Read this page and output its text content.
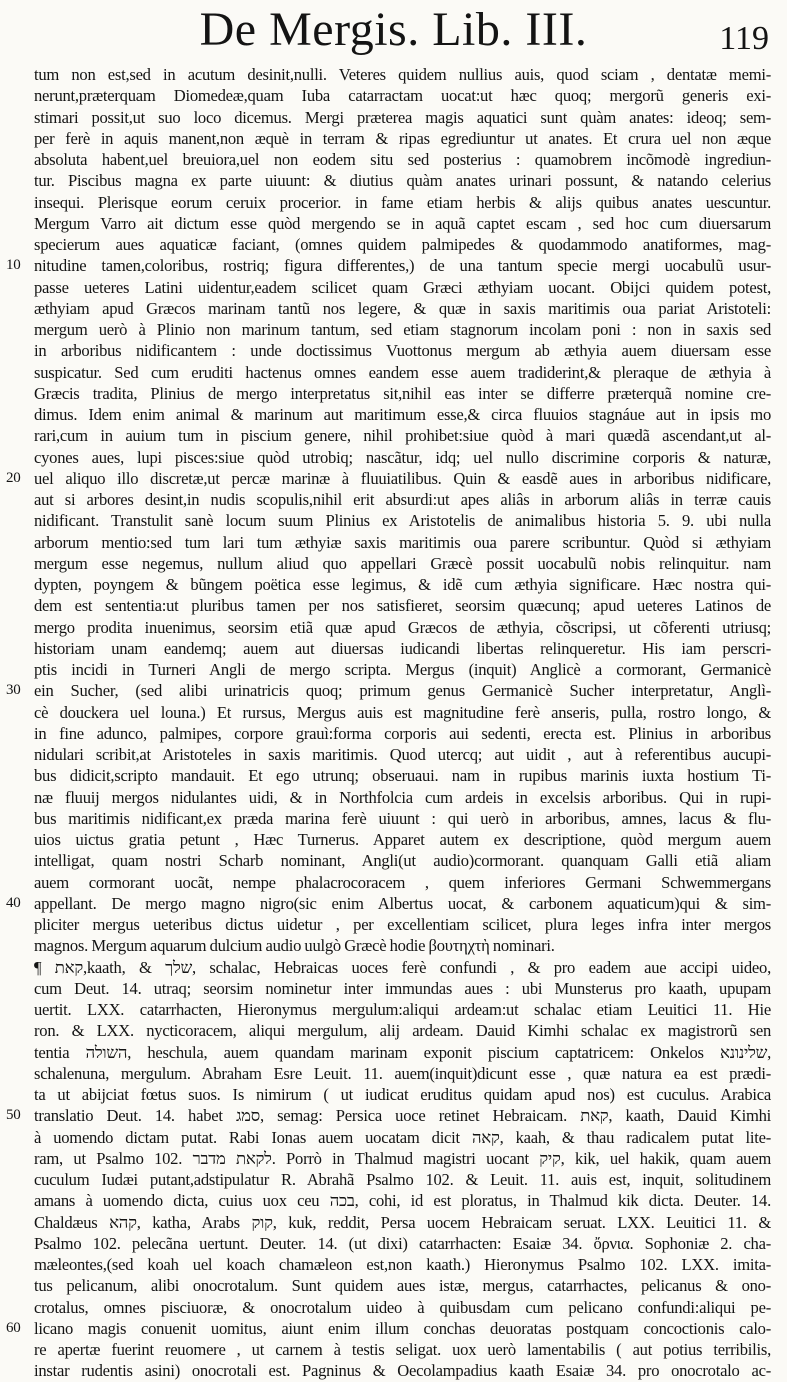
De Mergis. Lib. III.	119
tum non est,sed in acutum desinit,nulli. Veteres quidem nullius auis, quod sciam , dentatæ memi-
nerunt,præterquam Diomedeæ,quam Iuba catarractam uocat:ut hæc quoq; mergorũ generis exi-
stimari possit,ut suo loco dicemus. Mergi præterea magis aquatici sunt quàm anates: ideoq; sem-
per ferè in aquis manent,non æquè in terram & ripas egrediuntur ut anates. Et crura uel non æque
absoluta habent,uel breuiora,uel non eodem situ sed posterius : quamobrem incõmodè ingrediun-
tur. Piscibus magna ex parte uiuunt: & diutius quàm anates urinari possunt, & natando celerius
insequi. Plerisque eorum ceruix procerior. in fame etiam herbis & alijs quibus anates uescuntur.
Mergum Varro ait dictum esse quòd mergendo se in aquã captet escam , sed hoc cum diuersarum
specierum aues aquaticæ faciant, (omnes quidem palmipedes & quodammodo anatiformes, mag-
10 nitudine tamen,coloribus, rostriq; figura differentes,) de una tantum specie mergi uocabulũ usur-
passe ueteres Latini uidentur,eadem scilicet quam Græci æthyiam uocant. Obijci quidem potest,
æthyiam apud Græcos marinam tantũ nos legere, & quæ in saxis maritimis oua pariat Aristoteli:
mergum uerò à Plinio non marinum tantum, sed etiam stagnorum incolam poni : non in saxis sed
in arboribus nidificantem : unde doctissimus Vuottonus mergum ab æthyia auem diuersam esse
suspicatur. Sed cum eruditi hactenus omnes eandem esse auem tradiderint,& pleraque de æthyia à
Græcis tradita, Plinius de mergo interpretatus sit,nihil eas inter se differre præterquã nomine cre-
dimus. Idem enim animal & marinum aut maritimum esse,& circa fluuios stagnáue aut in ipsis mo
rari,cum in auium tum in piscium genere, nihil prohibet:siue quòd à mari quædã ascendant,ut al-
cyones aues, lupi pisces:siue quòd utrobiq; nascãtur, idq; uel nullo discrimine corporis & naturæ,
20 uel aliquo illo discretæ,ut percæ marinæ à fluuiatilibus. Quin & easdẽ aues in arboribus nidificare,
aut si arbores desint,in nudis scopulis,nihil erit absurdi:ut apes aliâs in arborum aliâs in terræ cauis
nidificant. Transtulit sanè locum suum Plinius ex Aristotelis de animalibus historia 5. 9. ubi nulla
arborum mentio:sed tum lari tum æthyiæ saxis maritimis oua parere scribuntur. Quòd si æthyiam
mergum esse negemus, nullum aliud quo appellari Græcè possit uocabulũ nobis relinquitur. nam
dypten, poyngem & bũngem poëtica esse legimus, & idẽ cum æthyia significare. Hæc nostra qui-
dem est sententia:ut pluribus tamen per nos satisfieret, seorsim quæcunq; apud ueteres Latinos de
mergo prodita inuenimus, seorsim etiã quæ apud Græcos de æthyia, cõscripsi, ut cõferenti utriusq;
historiam unam eandemq; auem aut diuersas iudicandi libertas relinqueretur. His iam perscri-
ptis incidi in Turneri Angli de mergo scripta. Mergus (inquit) Anglicè a cormorant, Germanicè
30 ein Sucher, (sed alibi urinatricis quoq; primum genus Germanicè Sucher interpretatur, Anglì-
cè douckera uel louna.) Et rursus, Mergus auis est magnitudine ferè anseris, pulla, rostro longo, &
in fine adunco, palmipes, corpore grauì:forma corporis aui sedenti, erecta est. Plinius in arboribus
nidulari scribit,at Aristoteles in saxis maritimis. Quod utercq; aut uidit , aut à referentibus aucupi-
bus didicit,scripto mandauit. Et ego utrunq; obseruaui. nam in rupibus marinis iuxta hostium Ti-
næ fluuij mergos nidulantes uidi, & in Northfolcia cum ardeis in excelsis arboribus. Qui in rupi-
bus maritimis nidificant,ex præda marina ferè uiuunt : qui uerò in arboribus, amnes, lacus & flu-
uios uictus gratia petunt , Hæc Turnerus. Apparet autem ex descriptione, quòd mergum auem
intelligat, quam nostri Scharb nominant, Angli(ut audio)cormorant. quanquam Galli etiã aliam
auem cormorant uocãt, nempe phalacrocoracem , quem inferiores Germani Schwemmergans
40 appellant. De mergo magno nigro(sic enim Albertus uocat, & carbonem aquaticum)qui & sim-
pliciter mergus ueteribus dictus uidetur , per excellentiam scilicet, plura leges infra inter mergos
magnos. Mergum aquarum dulcium audio uulgò Græcè hodie βουτηχτὴ nominari.
¶ קאת,kaath, & שלך, schalac, Hebraicas uoces ferè confundi , & pro eadem aue accipi uideo,
cum Deut. 14. utraq; seorsim nominetur inter immundas aues : ubi Munsterus pro kaath, upupam
uertit. LXX. catarrhacten, Hieronymus mergulum:aliqui ardeam:ut schalac etiam Leuitici 11. Hie
ron. & LXX. nycticoracem, aliqui mergulum, alij ardeam. Dauid Kimhi schalac ex magistrorũ sen
tentia השולה, heschula, auem quandam marinam exponit piscium captatricem: Onkelos שלינונא,
schalenuna, mergulum. Abraham Esre Leuit. 11. auem(inquit)dicunt esse , quæ natura ea est prædi-
ta ut abijciat fœtus suos. Is nimirum ( ut iudicat eruditus quidam apud nos) est cuculus. Arabica
50 translatio Deut. 14. habet סמג, semag: Persica uoce retinet Hebraicam. קאת, kaath, Dauid Kimhi
à uomendo dictam putat. Rabi Ionas auem uocatam dicit קאה, kaah, & thau radicalem putat lite-
ram, ut Psalmo 102. לקאת מדבר. Porrò in Thalmud magistri uocant קיק, kik, uel hakik, quam auem
cuculum Iudæi putant,adstipulatur R. Abrahã Psalmo 102. & Leuit. 11. auis est, inquit, solitudinem
amans à uomendo dicta, cuius uox ceu בכה, cohi, id est ploratus, in Thalmud kik dicta. Deuter. 14.
Chaldæus קהא, katha, Arabs קוק, kuk, reddit, Persa uocem Hebraicam seruat. LXX. Leuitici 11. &
Psalmo 102. pelecãna uertunt. Deuter. 14. (ut dixi) catarrhacten: Esaiæ 34. ὄρνια. Sophoniæ 2. cha-
mæleontes,(sed koah uel koach chamæleon est,non kaath.) Hieronymus Psalmo 102. LXX. imita-
tus pelicanum, alibi onocrotalum. Sunt quidem aues istæ, mergus, catarrhactes, pelicanus & ono-
crotalus, omnes pisciuoræ, & onocrotalum uideo à quibusdam cum pelicano confundi:aliqui pe-
60 licano magis conuenit uomitus, aiunt enim illum conchas deuoratas postquam concoctionis calo-
re apertæ fuerint reuomere , ut carnem à testis seligat. uox uerò lamentabilis ( aut potius terribilis,
instar rudentis asini) onocrotali est. Pagninus & Oecolampadius kaath Esaiæ 34. pro onocrotalo ac-
